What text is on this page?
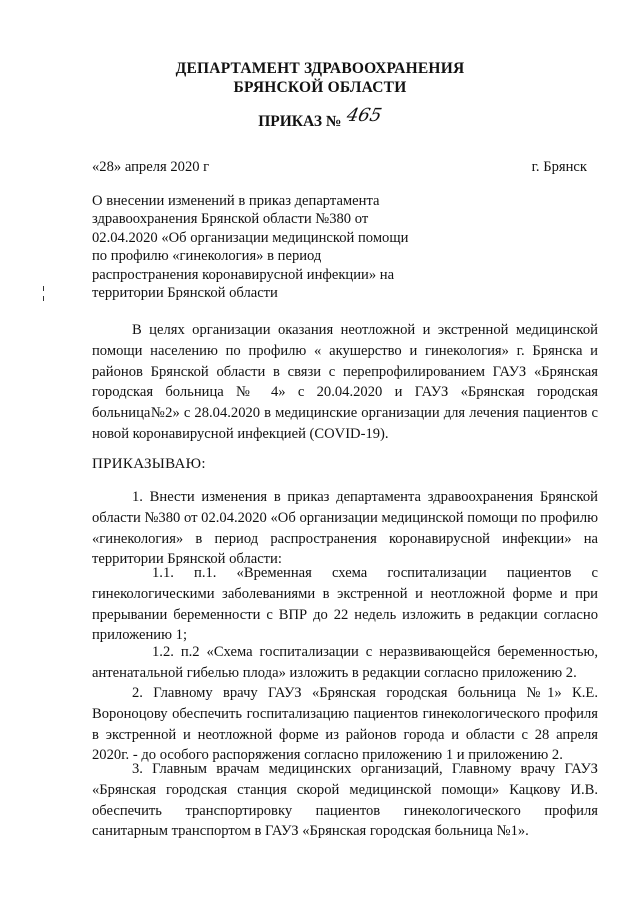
ДЕПАРТАМЕНТ ЗДРАВООХРАНЕНИЯ
БРЯНСКОЙ ОБЛАСТИ
ПРИКАЗ № 465
«28» апреля 2020 г	г. Брянск
О внесении изменений в приказ департамента здравоохранения Брянской области №380 от 02.04.2020 «Об организации медицинской помощи по профилю «гинекология» в период распространения коронавирусной инфекции» на территории Брянской области
В целях организации оказания неотложной и экстренной медицинской помощи населению по профилю « акушерство и гинекология» г. Брянска и районов Брянской области в связи с перепрофилированием ГАУЗ «Брянская городская больница № 4» с 20.04.2020 и ГАУЗ «Брянская городская больница№2» с 28.04.2020 в медицинские организации для лечения пациентов с новой коронавирусной инфекцией (COVID-19).
ПРИКАЗЫВАЮ:
1. Внести изменения в приказ департамента здравоохранения Брянской области №380 от 02.04.2020 «Об организации медицинской помощи по профилю «гинекология» в период распространения коронавирусной инфекции» на территории Брянской области:
1.1. п.1. «Временная схема госпитализации пациентов с гинекологическими заболеваниями в экстренной и неотложной форме и при прерывании беременности с ВПР до 22 недель изложить в редакции согласно приложению 1;
1.2. п.2 «Схема госпитализации с неразвивающейся беременностью, антенатальной гибелью плода» изложить в редакции согласно приложению 2.
2. Главному врачу ГАУЗ «Брянская городская больница №1» К.Е. Вороноцову обеспечить госпитализацию пациентов гинекологического профиля в экстренной и неотложной форме из районов города и области с 28 апреля 2020г. - до особого распоряжения согласно приложению 1 и приложению 2.
3. Главным врачам медицинских организаций, Главному врачу ГАУЗ «Брянская городская станция скорой медицинской помощи» Кацкову И.В. обеспечить транспортировку пациентов гинекологического профиля санитарным транспортом в ГАУЗ «Брянская городская больница №1».
